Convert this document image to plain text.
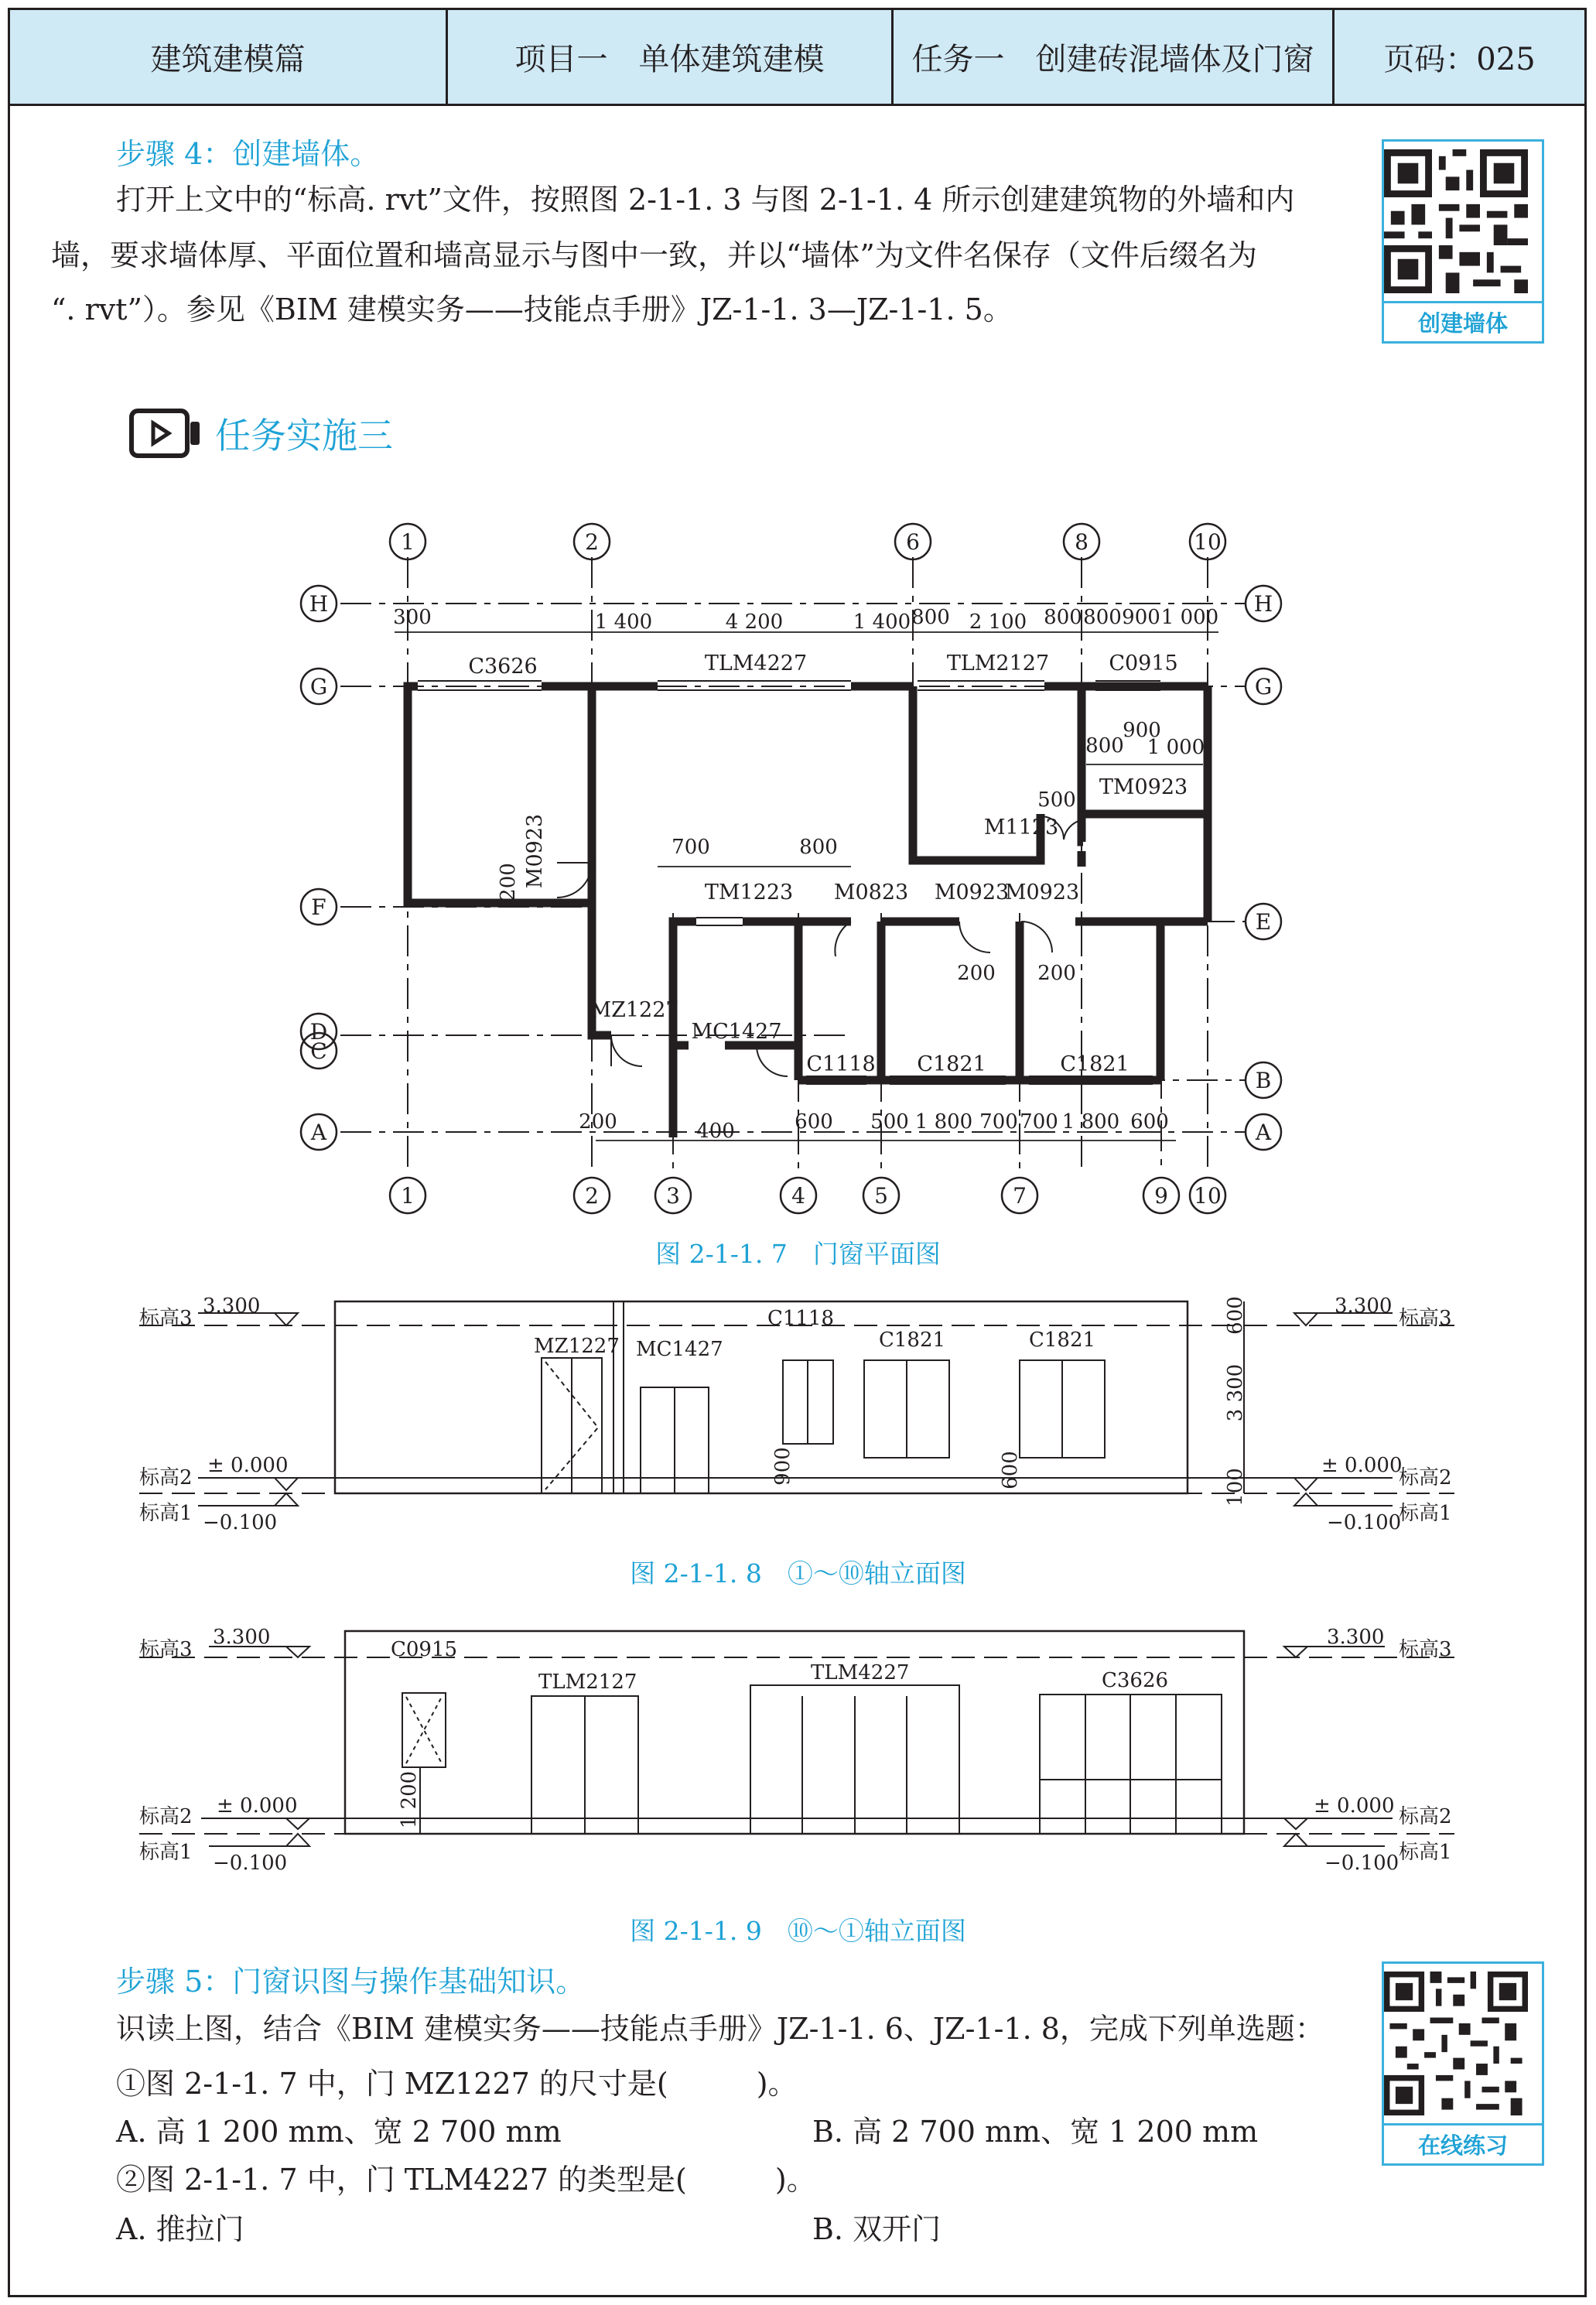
建筑建模篇	项目一　单体建筑建模	任务一　创建砖混墙体及门窗	页码：025
步骤 4：创建墙体。
打开上文中的“标高. rvt”文件，按照图 2-1-1. 3 与图 2-1-1. 4 所示创建建筑物的外墙和内
墙，要求墙体厚、平面位置和墙高显示与图中一致，并以“墙体”为文件名保存（文件后缀名为
“. rvt”）。参见《BIM 建模实务——技能点手册》JZ-1-1. 3—JZ-1-1. 5。	创建墙体
任务实施三
1	2	6	8	10
1	2	3	4	5	7	9 10
H
G
F
D
C
A
H
G
E
B
A
300	1 400	4 200	1 400 800 2 100 800 800 900 1 000
200	400	600 500 1 800 700 700 1 800 600
900
800 1 000
500
700	800
200
200 200
C3626	TLM4227	TLM2127	C0915
TM0923
M1123
M0923
TM1223 M0823
M0923
M0923
MZ1227
MC1427
C1118 C1821	C1821
图 2-1-1. 7　门窗平面图
标高3
3.300
标高2
± 0.000
标高1 −0.100
标高3
3.300
标高2
± 0.000
标高1
−0.100
MZ1227 MC1427
C1118
C1821	C1821
600
3 300
100
900	600
图 2-1-1. 8　①～⑩轴立面图
标高3
3.300
标高2 ± 0.000
标高1 −0.100
标高3
3.300
标高2
± 0.000
标高1
−0.100
C0915
TLM2127	TLM4227	C3626
1 200
图 2-1-1. 9　⑩～①轴立面图
步骤 5：门窗识图与操作基础知识。
识读上图，结合《BIM 建模实务——技能点手册》JZ-1-1. 6、JZ-1-1. 8，完成下列单选题：
①图 2-1-1. 7 中，门 MZ1227 的尺寸是(　　　)。
A. 高 1 200 mm、宽 2 700 mm	B. 高 2 700 mm、宽 1 200 mm
②图 2-1-1. 7 中，门 TLM4227 的类型是(　　　)。
A. 推拉门	B. 双开门
在线练习
